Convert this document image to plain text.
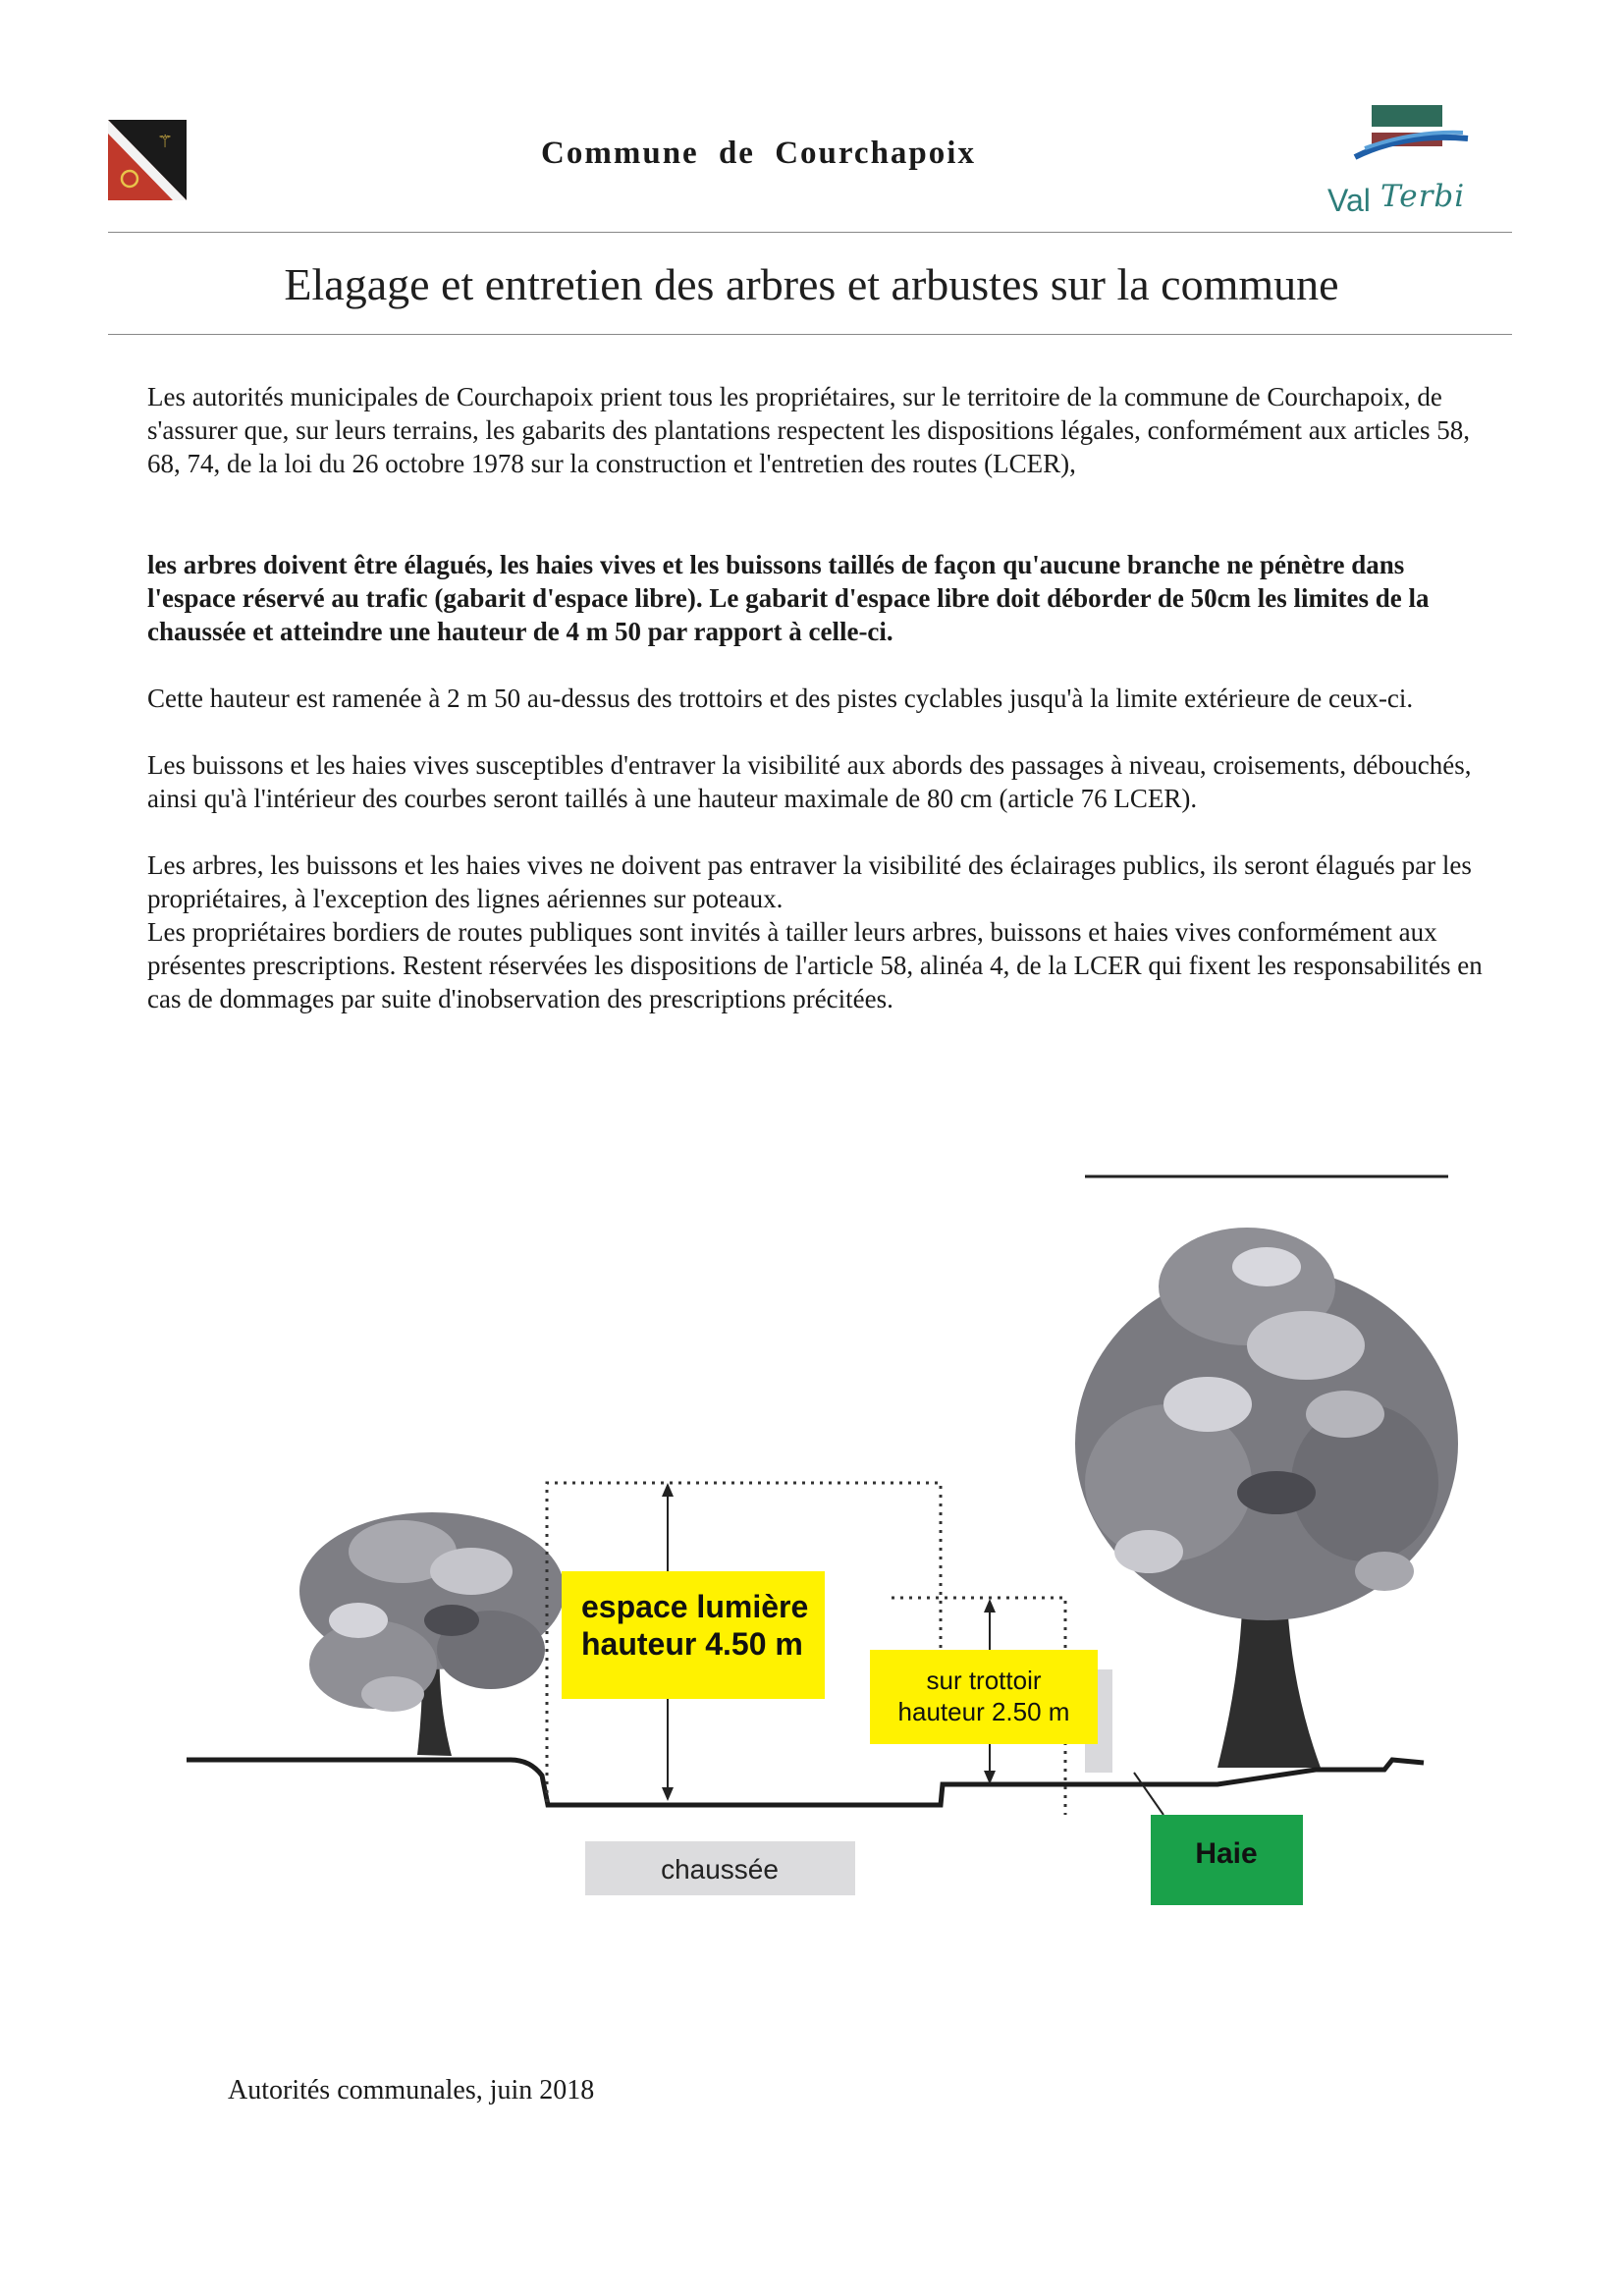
⚚	Commune de Courchapoix
Val Terbi
Elagage et entretien des arbres et arbustes sur la commune
Les autorités municipales de Courchapoix prient tous les propriétaires, sur le territoire de la commune de Courchapoix, de s'assurer que, sur leurs terrains, les gabarits des plantations respectent les dispositions légales, conformément aux articles 58, 68, 74, de la loi du 26 octobre 1978 sur la construction et l'entretien des routes (LCER),
les arbres doivent être élagués, les haies vives et les buissons taillés de façon qu'aucune branche ne pénètre dans l'espace réservé au trafic (gabarit d'espace libre). Le gabarit d'espace libre doit déborder de 50cm les limites de la chaussée et atteindre une hauteur de 4 m 50 par rapport à celle-ci.
Cette hauteur est ramenée à 2 m 50 au-dessus des trottoirs et des pistes cyclables jusqu'à la limite extérieure de ceux-ci.
Les buissons et les haies vives susceptibles d'entraver la visibilité aux abords des passages à niveau, croisements, débouchés, ainsi qu'à l'intérieur des courbes seront taillés à une hauteur maximale de 80 cm (article 76 LCER).
Les arbres, les buissons et les haies vives ne doivent pas entraver la visibilité des éclairages publics, ils seront élagués par les propriétaires, à l'exception des lignes aériennes sur poteaux.
Les propriétaires bordiers de routes publiques sont invités à tailler leurs arbres, buissons et haies vives conformément aux présentes prescriptions. Restent réservées les dispositions de l'article 58, alinéa 4, de la LCER qui fixent les responsabilités en cas de dommages par suite d'inobservation des prescriptions précitées.
espace lumière
hauteur 4.50 m
sur trottoir
hauteur 2.50 m
chaussée	Haie
Autorités communales, juin 2018
